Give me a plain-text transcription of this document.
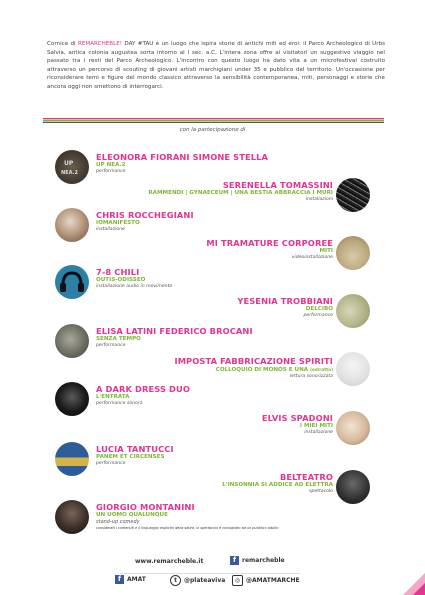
Cornice di REMARCHEBLE! DAY #TAU è un luogo che ispira storie di antichi miti ed eroi: il Parco Archeologico di Urbs Salvia, antica colonia augustea sorta intorno al I sec. a.C. L'intera zona offre ai visitatori un suggestivo viaggio nel passato tra i resti del Parco Archeologico. L'incontro con questo luogo ha dato vita a un microfestival costruito attraverso un percorso di scouting di giovani artisti marchigiani under 35 e pubblico del territorio. Un'occasione per riconsiderare temi e figure del mondo classico attraverso la sensibilità contemporanea, miti, personaggi e storie che ancora oggi non smettono di interrogarci.
con la partecipazione di
UP
NEA.2
ELEONORA FIORANI SIMONE STELLA
UP NEA.2
performance
SERENELLA TOMASSINI
RAMMENDI | GYNAECEUM | UNA BESTIA ABBRACCIA I MURI
installazioni
CHRIS ROCCHEGIANI
IOMANIFESTO
installazione
MI TRAMATURE CORPOREE
MITI
videoinstallazione
7-8 CHILI
OUTIS-ODISSEO
installazione audio in movimento
YESENIA TROBBIANI
DELCIBO
performance
ELISA LATINI FEDERICO BROCANI
SENZA TEMPO
performance
IMPOSTA FABBRICAZIONE SPIRITI
COLLOQUIO DI MONOS E UNA (estratto)
lettura sonorizzata
A DARK DRESS DUO
L'ENTRATA
performance sonora
ELVIS SPADONI
I MIEI MITI
installazione
LUCIA TANTUCCI
PANEM ET CIRCENSES
performance
BELTEATRO
L'INSONNIA SI ADDICE AD ELETTRA
spettacolo
GIORGIO MONTANINI
UN UOMO QUALUNQUE
stand-up comedy
considerati i contenuti e il linguaggio esplicito della satira, lo spettacolo è consigliato ad un pubblico adulto
www.remarcheble.it	f remarcheble
f AMAT	t @plateaviva	◎ @AMATMARCHE
